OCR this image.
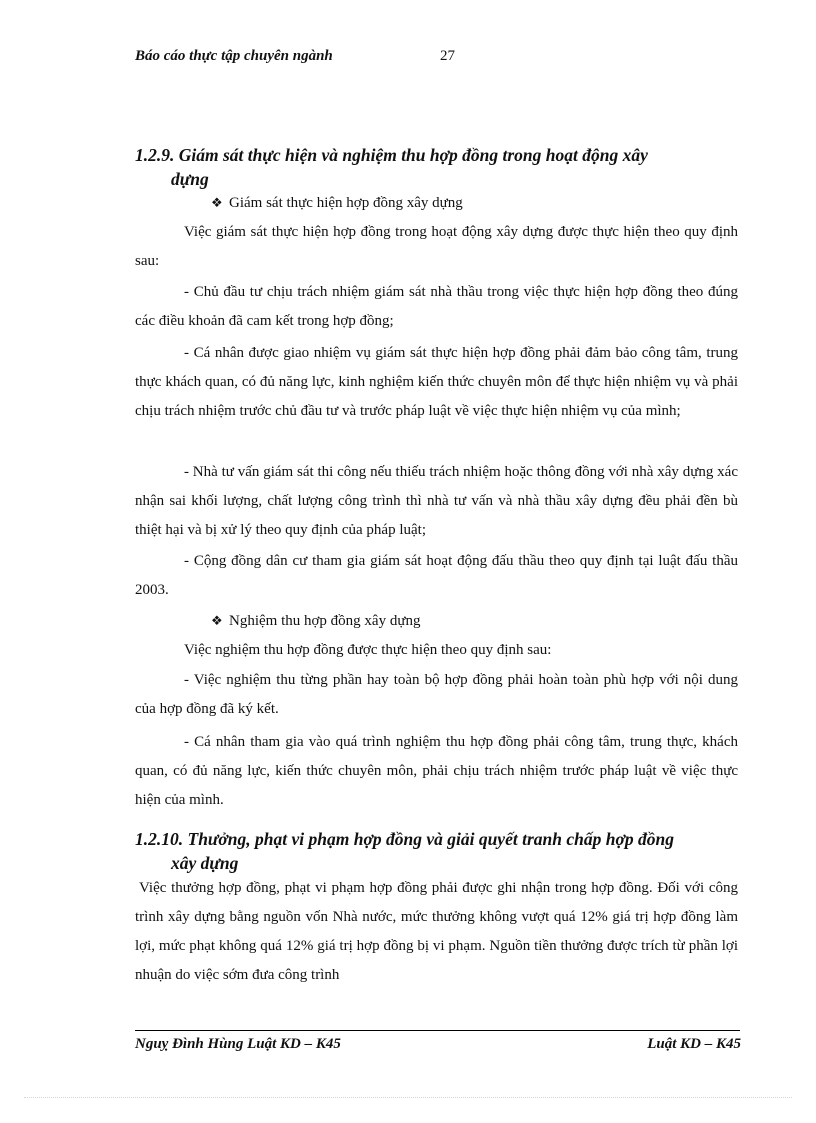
Báo cáo thực tập chuyên ngành	27
1.2.9. Giám sát thực hiện và nghiệm thu hợp đồng trong hoạt động xây
dựng
❖ Giám sát thực hiện hợp đồng xây dựng
Việc giám sát thực hiện hợp đồng trong hoạt động xây dựng được thực hiện theo quy định sau:
- Chủ đầu tư chịu trách nhiệm giám sát nhà thầu trong việc thực hiện hợp đồng theo đúng các điều khoản đã cam kết trong hợp đồng;
- Cá nhân được giao nhiệm vụ giám sát thực hiện hợp đồng phải đảm bảo công tâm, trung thực khách quan, có đủ năng lực, kinh nghiệm kiến thức chuyên môn để thực hiện nhiệm vụ và phải chịu trách nhiệm trước chủ đầu tư và trước pháp luật về việc thực hiện nhiệm vụ của mình;
- Nhà tư vấn giám sát thi công nếu thiếu trách nhiệm hoặc thông đồng với nhà xây dựng xác nhận sai khối lượng, chất lượng công trình thì nhà tư vấn và nhà thầu xây dựng đều phải đền bù thiệt hại và bị xử lý theo quy định của pháp luật;
- Cộng đồng dân cư tham gia giám sát hoạt động đấu thầu theo quy định tại luật đấu thầu 2003.
❖ Nghiệm thu hợp đồng xây dựng
Việc nghiệm thu hợp đồng được thực hiện theo quy định sau:
- Việc nghiệm thu từng phần hay toàn bộ hợp đồng phải hoàn toàn phù hợp với nội dung của hợp đồng đã ký kết.
- Cá nhân tham gia vào quá trình nghiệm thu hợp đồng phải công tâm, trung thực, khách quan, có đủ năng lực, kiến thức chuyên môn, phải chịu trách nhiệm trước pháp luật về việc thực hiện của mình.
1.2.10. Thưởng, phạt vi phạm hợp đồng và giải quyết tranh chấp hợp đồng
xây dựng
Việc thưởng hợp đồng, phạt vi phạm hợp đồng phải được ghi nhận trong hợp đồng. Đối với công trình xây dựng bằng nguồn vốn Nhà nước, mức thưởng không vượt quá 12% giá trị hợp đồng làm lợi, mức phạt không quá 12% giá trị hợp đồng bị vi phạm. Nguồn tiền thưởng được trích từ phần lợi nhuận do việc sớm đưa công trình
Nguỵ Đình Hùng Luật KD – K45	Luật KD – K45
